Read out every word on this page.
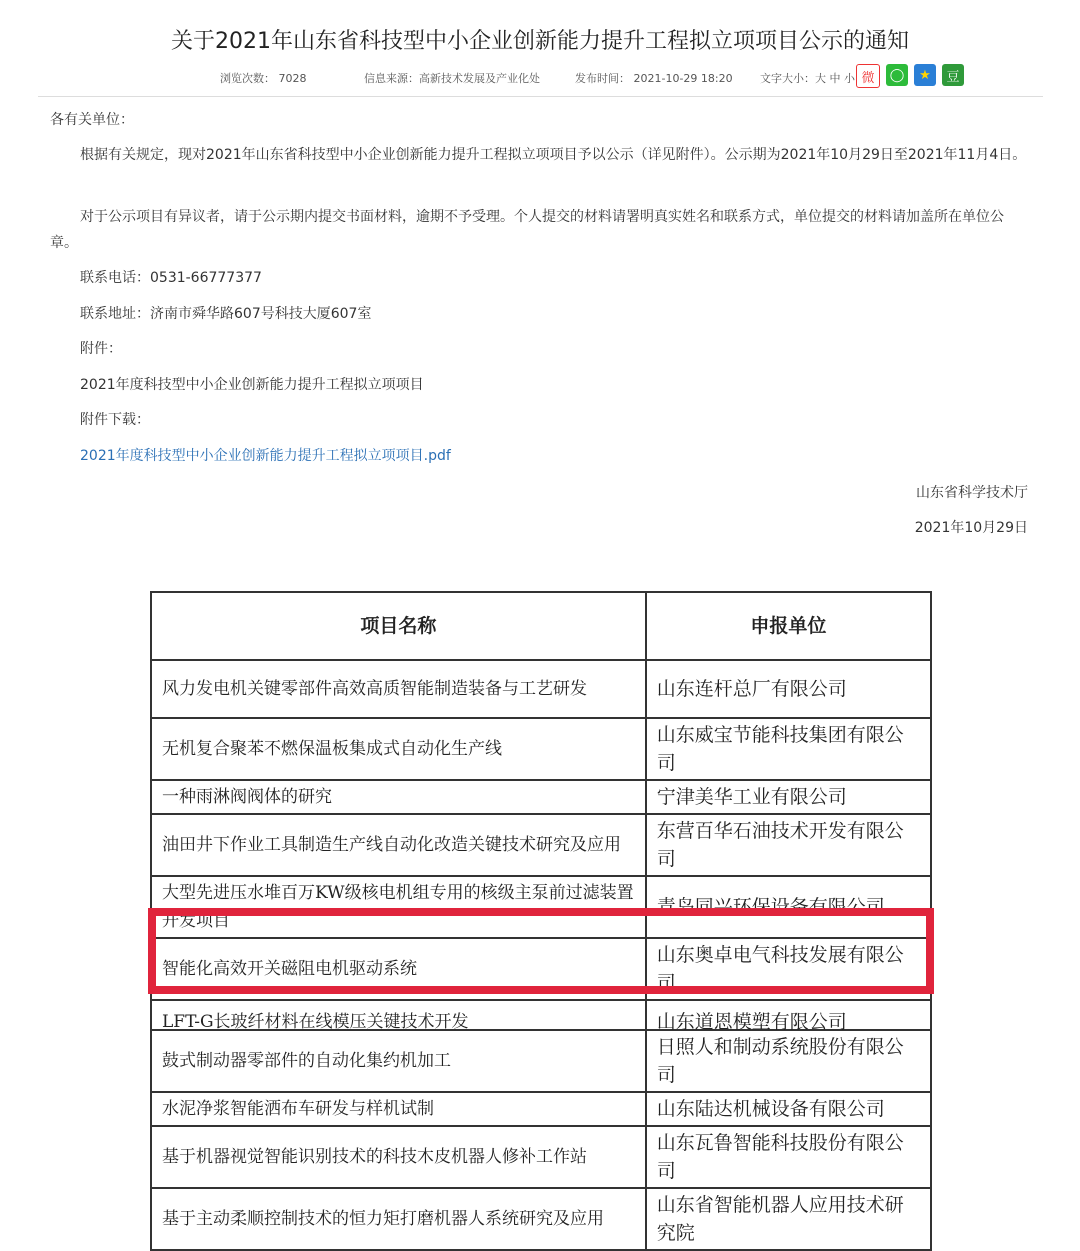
关于2021年山东省科技型中小企业创新能力提升工程拟立项项目公示的通知
浏览次数： 7028	信息来源：高新技术发展及产业化处	发布时间： 2021-10-29 18:20 文字大小：大 中 小 微	◯	★	豆
各有关单位：
根据有关规定，现对2021年山东省科技型中小企业创新能力提升工程拟立项项目予以公示（详见附件）。公示期为2021年10月29日至2021年11月4日。
对于公示项目有异议者，请于公示期内提交书面材料，逾期不予受理。个人提交的材料请署明真实姓名和联系方式，单位提交的材料请加盖所在单位公章。
联系电话：0531-66777377
联系地址：济南市舜华路607号科技大厦607室
附件：
2021年度科技型中小企业创新能力提升工程拟立项项目
附件下载：
2021年度科技型中小企业创新能力提升工程拟立项项目.pdf
山东省科学技术厅
2021年10月29日
项目名称	申报单位
风力发电机关键零部件高效高质智能制造装备与工艺研发	山东连杆总厂有限公司
无机复合聚苯不燃保温板集成式自动化生产线	山东威宝节能科技集团有限公司
一种雨淋阀阀体的研究	宁津美华工业有限公司
油田井下作业工具制造生产线自动化改造关键技术研究及应用	东营百华石油技术开发有限公司
大型先进压水堆百万KW级核电机组专用的核级主泵前过滤装置开发项目	青岛同兴环保设备有限公司
智能化高效开关磁阻电机驱动系统	山东奥卓电气科技发展有限公司
LFT-G长玻纤材料在线模压关键技术开发	山东道恩模塑有限公司
鼓式制动器零部件的自动化集约机加工	日照人和制动系统股份有限公司
水泥净浆智能洒布车研发与样机试制	山东陆达机械设备有限公司
基于机器视觉智能识别技术的科技木皮机器人修补工作站	山东瓦鲁智能科技股份有限公司
基于主动柔顺控制技术的恒力矩打磨机器人系统研究及应用	山东省智能机器人应用技术研究院
